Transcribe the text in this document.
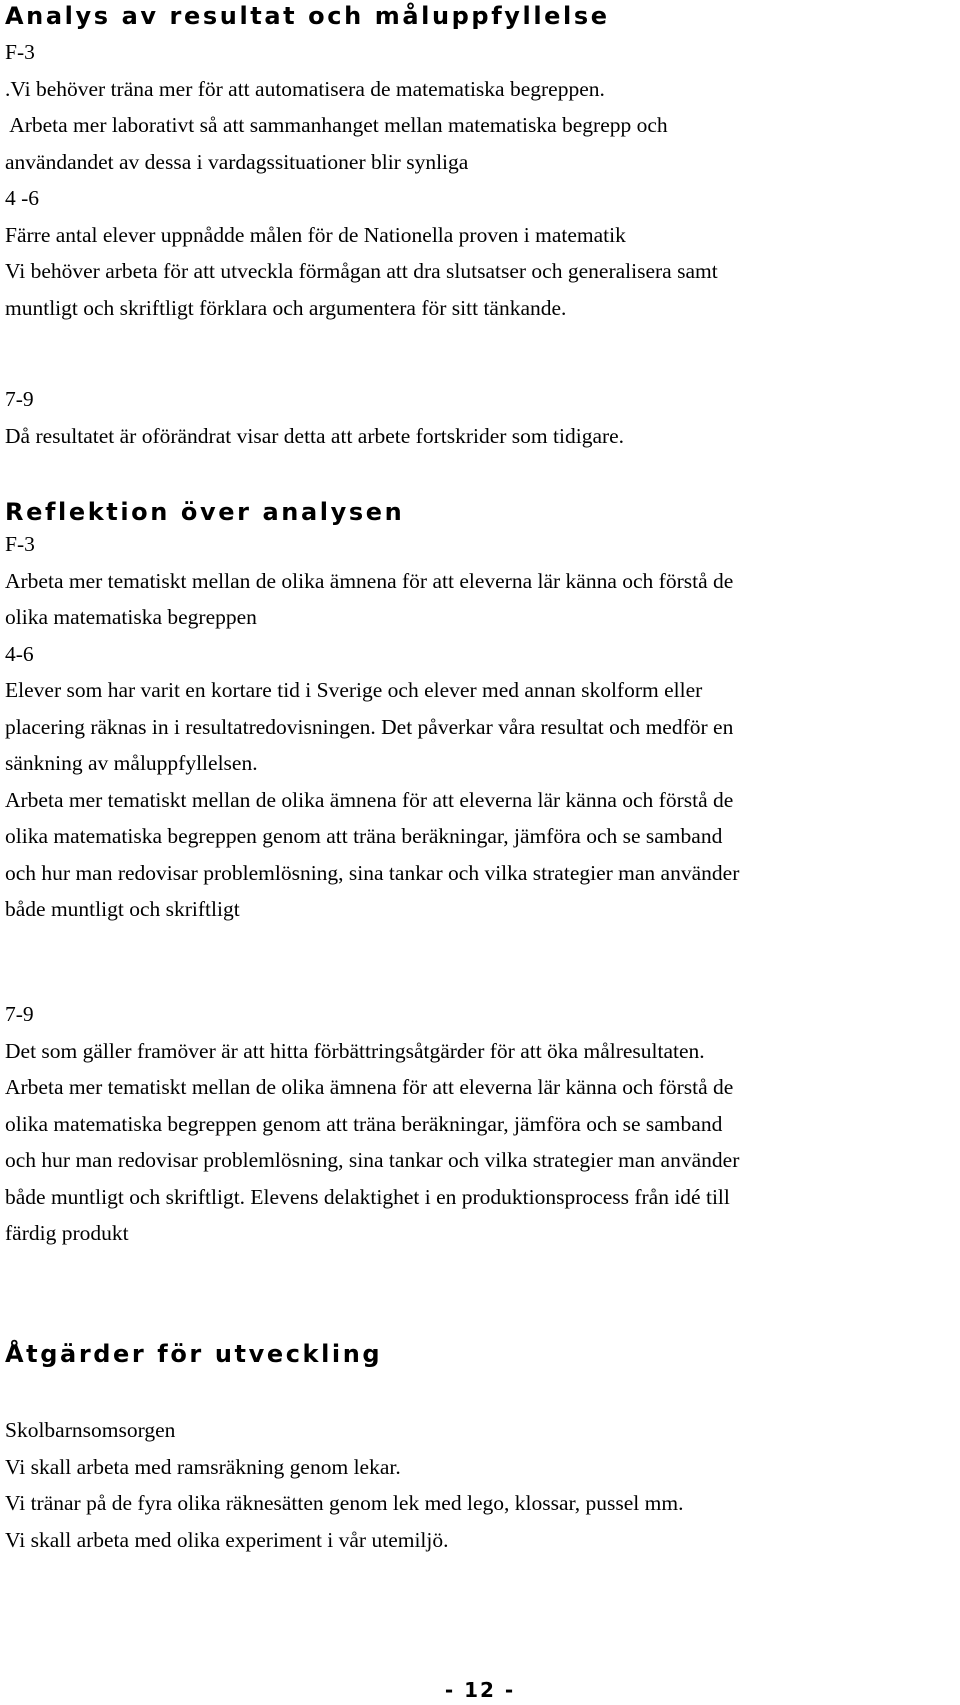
Analys av resultat och måluppfyllelse

F-3

.Vi behöver träna mer för att automatisera de matematiska begreppen.

Arbeta mer laborativt så att sammanhanget mellan matematiska begrepp och

användandet av dessa i vardagssituationer blir synliga

4 -6

Färre antal elever uppnådde målen för de Nationella proven i matematik

Vi behöver arbeta för att utveckla förmågan att dra slutsatser och generalisera samt

muntligt och skriftligt förklara och argumentera för sitt tänkande.

7-9

Då resultatet är oförändrat visar detta att arbete fortskrider som tidigare.

Reflektion över analysen

F-3

Arbeta mer tematiskt mellan de olika ämnena för att eleverna lär känna och förstå de

olika matematiska begreppen

4-6

Elever som har varit en kortare tid i Sverige och elever med annan skolform eller

placering räknas in i resultatredovisningen. Det påverkar våra resultat och medför en

sänkning av måluppfyllelsen.

Arbeta mer tematiskt mellan de olika ämnena för att eleverna lär känna och förstå de

olika matematiska begreppen genom att träna beräkningar, jämföra och se samband

och hur man redovisar problemlösning, sina tankar och vilka strategier man använder

både muntligt och skriftligt

7-9

Det som gäller framöver är att hitta förbättringsåtgärder för att öka målresultaten.

Arbeta mer tematiskt mellan de olika ämnena för att eleverna lär känna och förstå de

olika matematiska begreppen genom att träna beräkningar, jämföra och se samband

och hur man redovisar problemlösning, sina tankar och vilka strategier man använder

både muntligt och skriftligt. Elevens delaktighet i en produktionsprocess från idé till

färdig produkt

Åtgärder för utveckling

Skolbarnsomsorgen

Vi skall arbeta med ramsräkning genom lekar.

Vi tränar på de fyra olika räknesätten genom lek med lego, klossar, pussel mm.

Vi skall arbeta med olika experiment i vår utemiljö.

- 12 -
